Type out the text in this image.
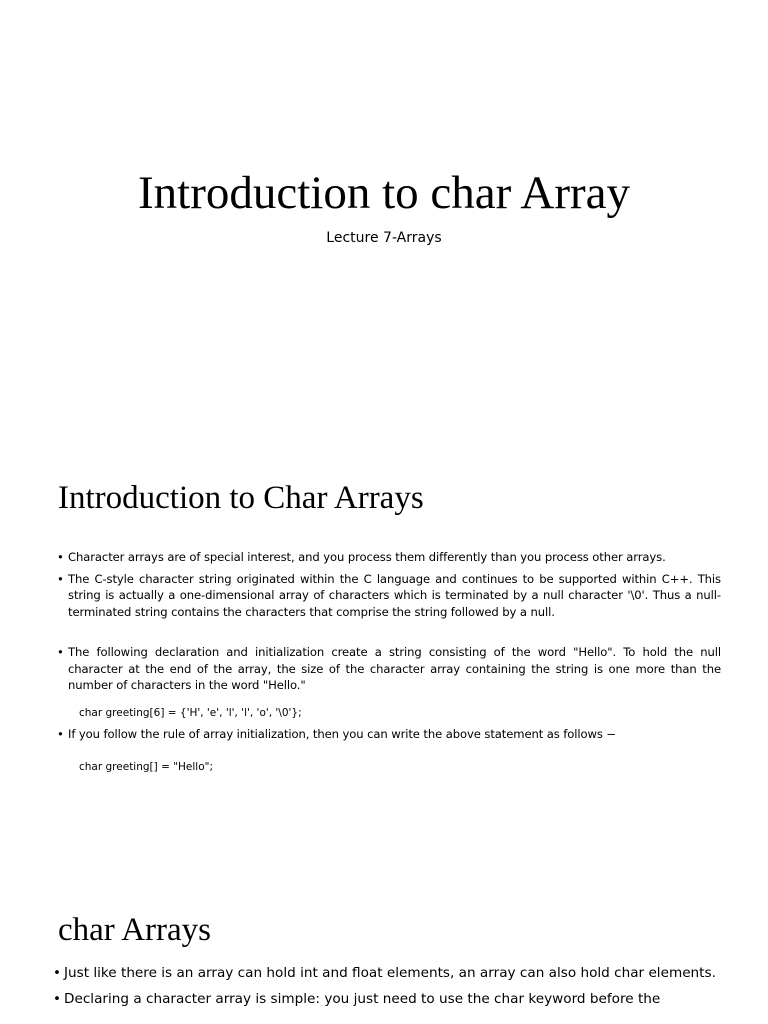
Introduction to char Array

Lecture 7-Arrays

Introduction to Char Arrays
• Character arrays are of special interest, and you process them differently than you process other arrays.
• The C-style character string originated within the C language and continues to be supported within C++. This string is actually a one-dimensional array of characters which is terminated by a null character '\0'. Thus a null-terminated string contains the characters that comprise the string followed by a null.
• The following declaration and initialization create a string consisting of the word "Hello". To hold the null character at the end of the array, the size of the character array containing the string is one more than the number of characters in the word "Hello."
char greeting[6] = {'H', 'e', 'l', 'l', 'o', '\0'};
• If you follow the rule of array initialization, then you can write the above statement as follows −
char greeting[] = "Hello";
char Arrays
• Just like there is an array can hold int and float elements, an array can also hold char elements.
• Declaring a character array is simple: you just need to use the char keyword before the
